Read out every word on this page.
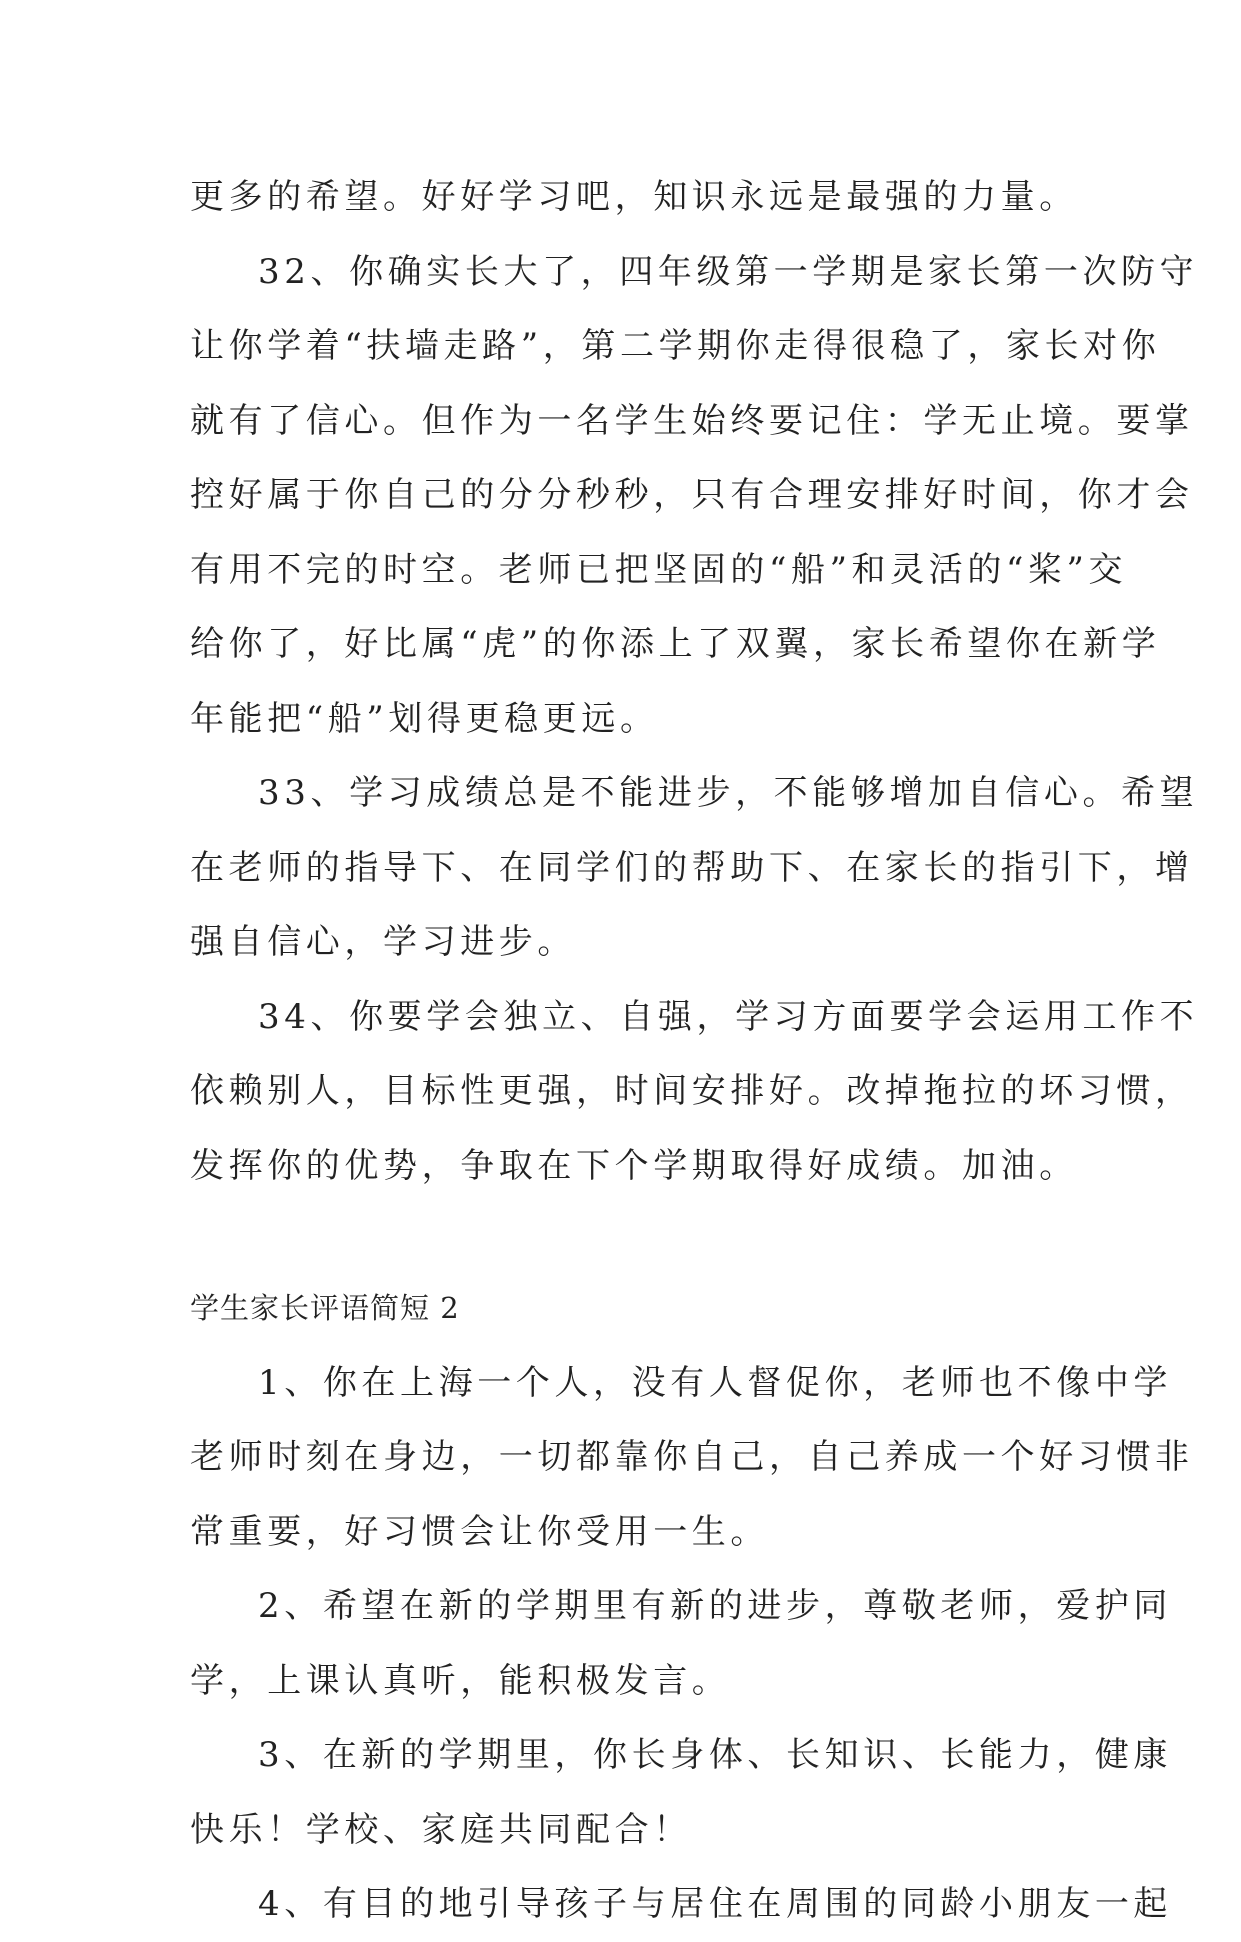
更多的希望。好好学习吧，知识永远是最强的力量。
32、你确实长大了，四年级第一学期是家长第一次防守
让你学着“扶墙走路”，第二学期你走得很稳了，家长对你
就有了信心。但作为一名学生始终要记住：学无止境。要掌
控好属于你自己的分分秒秒，只有合理安排好时间，你才会
有用不完的时空。老师已把坚固的“船”和灵活的“桨”交
给你了，好比属“虎”的你添上了双翼，家长希望你在新学
年能把“船”划得更稳更远。
33、学习成绩总是不能进步，不能够增加自信心。希望
在老师的指导下、在同学们的帮助下、在家长的指引下，增
强自信心，学习进步。
34、你要学会独立、自强，学习方面要学会运用工作不
依赖别人，目标性更强，时间安排好。改掉拖拉的坏习惯，
发挥你的优势，争取在下个学期取得好成绩。加油。
学生家长评语简短 2
1、你在上海一个人，没有人督促你，老师也不像中学
老师时刻在身边，一切都靠你自己，自己养成一个好习惯非
常重要，好习惯会让你受用一生。
2、希望在新的学期里有新的进步，尊敬老师，爱护同
学，上课认真听，能积极发言。
3、在新的学期里，你长身体、长知识、长能力，健康
快乐！学校、家庭共同配合！
4、有目的地引导孩子与居住在周围的同龄小朋友一起
